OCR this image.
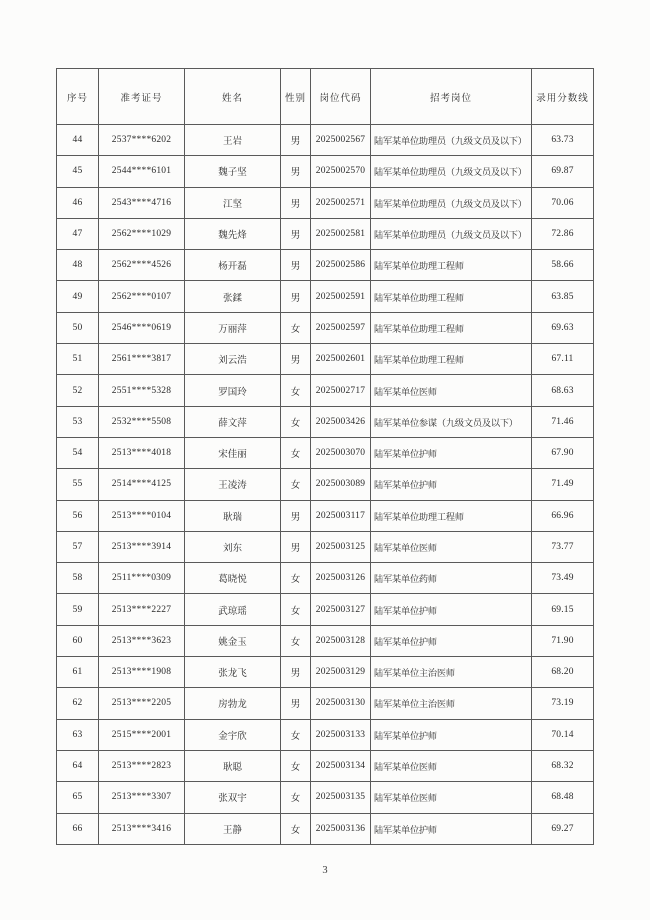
序号	准考证号	姓名	性别	岗位代码	招考岗位	录用分数线
44	2537****6202	王岩	男	2025002567	陆军某单位助理员（九级文员及以下）	63.73
45	2544****6101	魏子坚	男	2025002570	陆军某单位助理员（九级文员及以下）	69.87
46	2543****4716	江坚	男	2025002571	陆军某单位助理员（九级文员及以下）	70.06
47	2562****1029	魏先烽	男	2025002581	陆军某单位助理员（九级文员及以下）	72.86
48	2562****4526	杨开磊	男	2025002586	陆军某单位助理工程师	58.66
49	2562****0107	张鍒	男	2025002591	陆军某单位助理工程师	63.85
50	2546****0619	万丽萍	女	2025002597	陆军某单位助理工程师	69.63
51	2561****3817	刘云浩	男	2025002601	陆军某单位助理工程师	67.11
52	2551****5328	罗国玲	女	2025002717	陆军某单位医师	68.63
53	2532****5508	薛文萍	女	2025003426	陆军某单位参谋（九级文员及以下）	71.46
54	2513****4018	宋佳丽	女	2025003070	陆军某单位护师	67.90
55	2514****4125	王凌涛	女	2025003089	陆军某单位护师	71.49
56	2513****0104	耿瑞	男	2025003117	陆军某单位助理工程师	66.96
57	2513****3914	刘东	男	2025003125	陆军某单位医师	73.77
58	2511****0309	葛晓悦	女	2025003126	陆军某单位药师	73.49
59	2513****2227	武琼瑶	女	2025003127	陆军某单位护师	69.15
60	2513****3623	姚金玉	女	2025003128	陆军某单位护师	71.90
61	2513****1908	张龙飞	男	2025003129	陆军某单位主治医师	68.20
62	2513****2205	房勃龙	男	2025003130	陆军某单位主治医师	73.19
63	2515****2001	金宇欣	女	2025003133	陆军某单位护师	70.14
64	2513****2823	耿聪	女	2025003134	陆军某单位医师	68.32
65	2513****3307	张双宇	女	2025003135	陆军某单位医师	68.48
66	2513****3416	王静	女	2025003136	陆军某单位护师	69.27
3
